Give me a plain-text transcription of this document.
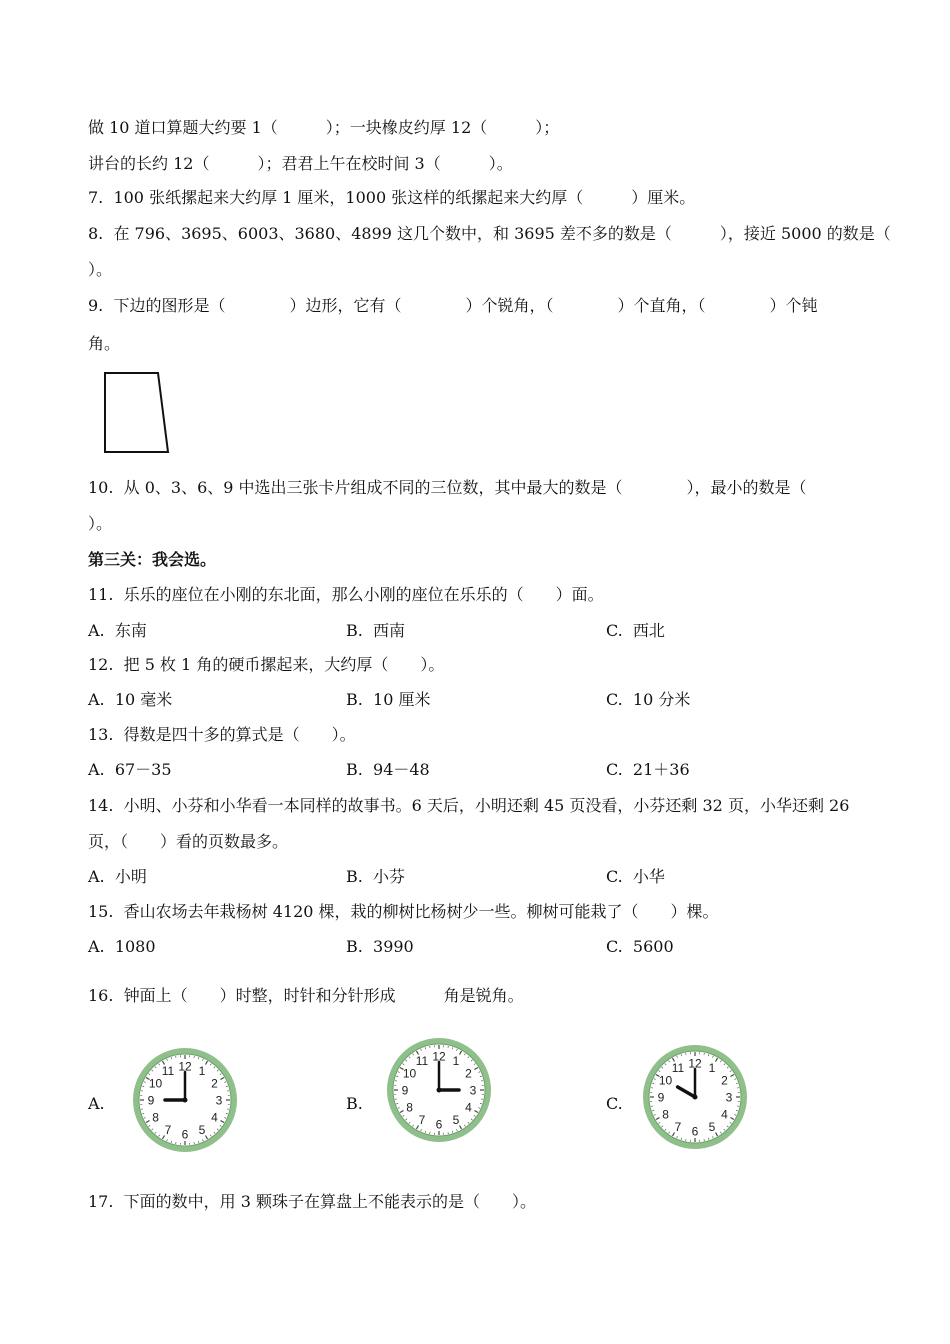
做 10 道口算题大约要 1（　　　）；一块橡皮约厚 12（　　　）；
讲台的长约 12（　　　）；君君上午在校时间 3（　　　）。
7.  100 张纸摞起来大约厚 1 厘米，1000 张这样的纸摞起来大约厚（　　　）厘米。
8.  在 796、3695、6003、3680、4899 这几个数中，和 3695 差不多的数是（　　　），接近 5000 的数是（
）。
9.  下边的图形是（　　　　）边形，它有（　　　　）个锐角，（　　　　）个直角，（　　　　）个钝
角。
10.  从 0、3、6、9 中选出三张卡片组成不同的三位数，其中最大的数是（　　　　），最小的数是（
）。
第三关：我会选。
11.  乐乐的座位在小刚的东北面，那么小刚的座位在乐乐的（　　）面。
A.  东南	B.  西南	C.  西北
12.  把 5 枚 1 角的硬币摞起来，大约厚（　　）。
A.  10 毫米	B.  10 厘米	C.  10 分米
13.  得数是四十多的算式是（　　）。
A.  67－35	B.  94－48	C.  21＋36
14.  小明、小芬和小华看一本同样的故事书。6 天后，小明还剩 45 页没看，小芬还剩 32 页，小华还剩 26
页，（　　）看的页数最多。
A.  小明	B.  小芬	C.  小华
15.  香山农场去年栽杨树 4120 棵，栽的柳树比杨树少一些。柳树可能栽了（　　）棵。
A.  1080	B.  3990	C.  5600
16.  钟面上（　　）时整，时针和分针形成　　　角是锐角。
A.	B.	C.
12 1
2
3
4
5
6
7
8
9
10
11
12 1
2
3
4
5
6
7
8
9
10
11	12 1
2
3
4
5
6
7
8
9
10
11
17.  下面的数中，用 3 颗珠子在算盘上不能表示的是（　　）。
